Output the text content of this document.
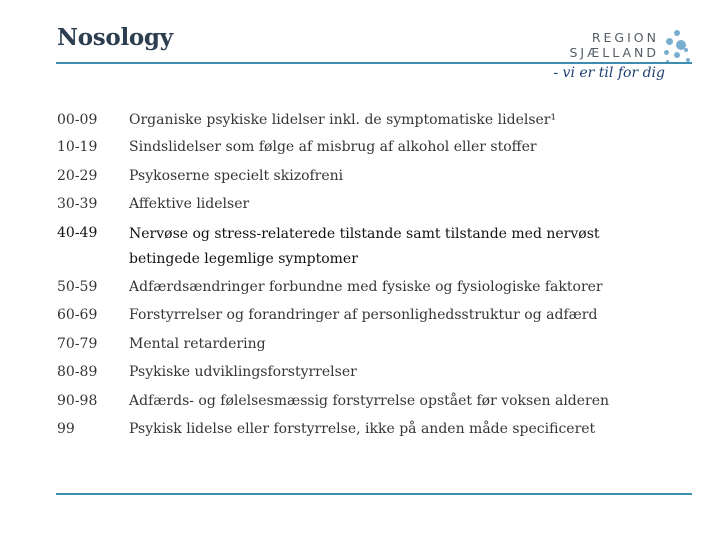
Nosology	REGION
SJÆLLAND
- vi er til for dig
00-09	Organiske psykiske lidelser inkl. de symptomatiske lidelser¹
10-19	Sindslidelser som følge af misbrug af alkohol eller stoffer
20-29	Psykoserne specielt skizofreni
30-39	Affektive lidelser
40-49	Nervøse og stress-relaterede tilstande samt tilstande med nervøst
betingede legemlige symptomer
50-59	Adfærdsændringer forbundne med fysiske og fysiologiske faktorer
60-69	Forstyrrelser og forandringer af personlighedsstruktur og adfærd
70-79	Mental retardering
80-89	Psykiske udviklingsforstyrrelser
90-98	Adfærds- og følelsesmæssig forstyrrelse opstået før voksen alderen
99	Psykisk lidelse eller forstyrrelse, ikke på anden måde specificeret
